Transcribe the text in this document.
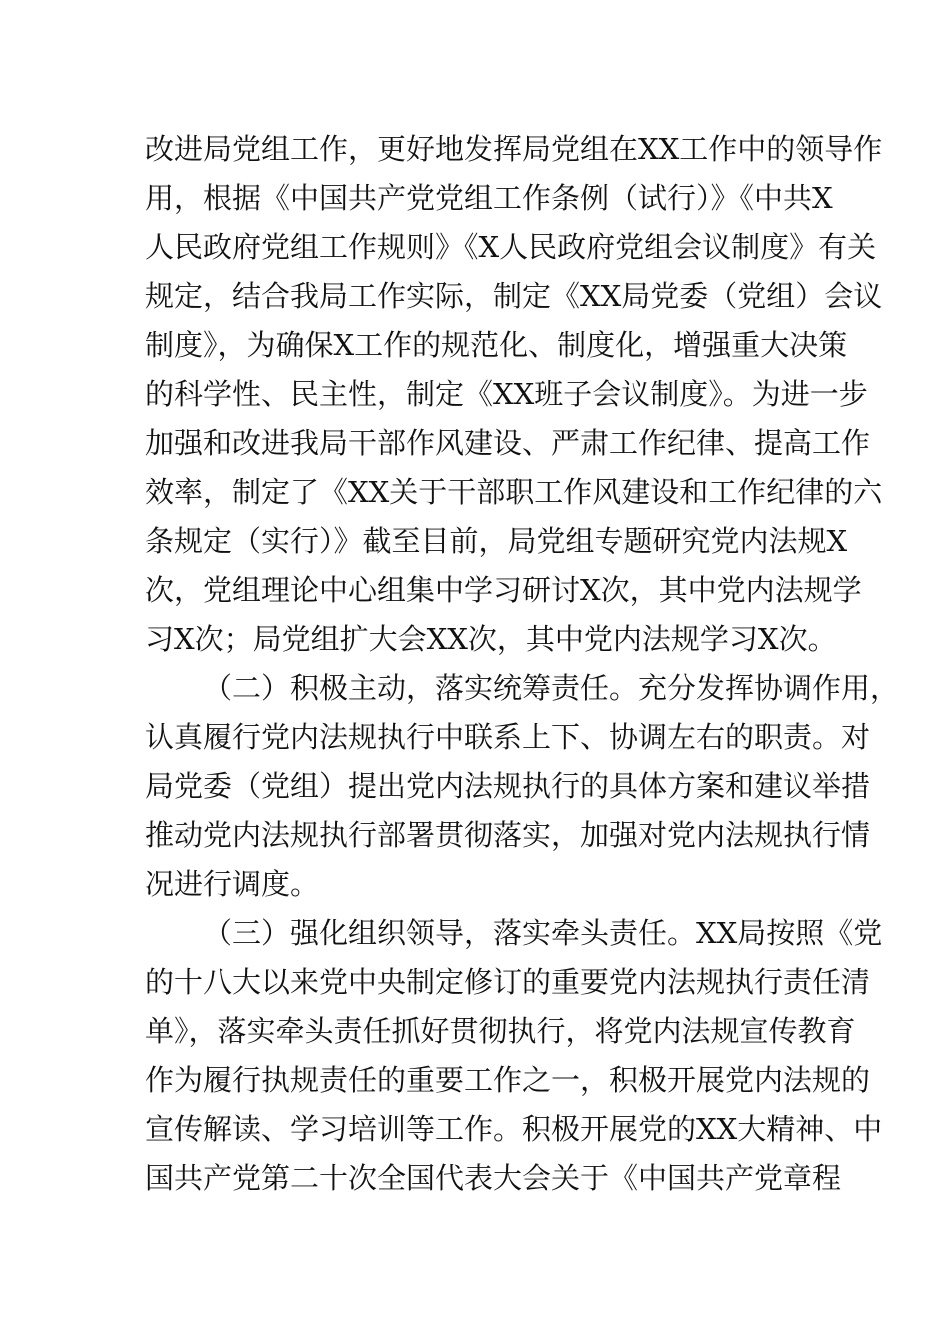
改进局党组工作，更好地发挥局党组在XX工作中的领导作
用，根据《中国共产党党组工作条例（试行）》《中共X
人民政府党组工作规则》《X人民政府党组会议制度》有关
规定，结合我局工作实际，制定《XX局党委（党组）会议
制度》，为确保X工作的规范化、制度化，增强重大决策
的科学性、民主性，制定《XX班子会议制度》。为进一步
加强和改进我局干部作风建设、严肃工作纪律、提高工作
效率，制定了《XX关于干部职工作风建设和工作纪律的六
条规定（实行）》截至目前，局党组专题研究党内法规X
次，党组理论中心组集中学习研讨X次，其中党内法规学
习X次；局党组扩大会XX次，其中党内法规学习X次。
（二）积极主动，落实统筹责任。充分发挥协调作用，
认真履行党内法规执行中联系上下、协调左右的职责。对
局党委（党组）提出党内法规执行的具体方案和建议举措
推动党内法规执行部署贯彻落实，加强对党内法规执行情
况进行调度。
（三）强化组织领导，落实牵头责任。XX局按照《党
的十八大以来党中央制定修订的重要党内法规执行责任清
单》，落实牵头责任抓好贯彻执行，将党内法规宣传教育
作为履行执规责任的重要工作之一，积极开展党内法规的
宣传解读、学习培训等工作。积极开展党的XX大精神、中
国共产党第二十次全国代表大会关于《中国共产党章程
